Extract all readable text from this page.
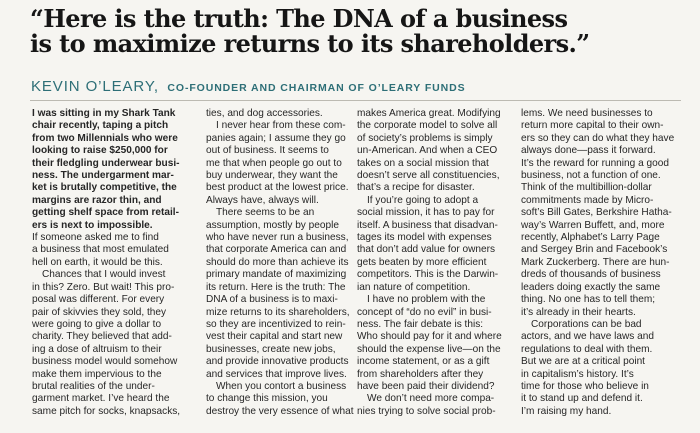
“Here is the truth: The DNA of a business
is to maximize returns to its shareholders.”
KEVIN O’LEARY, CO-FOUNDER AND CHAIRMAN OF O’LEARY FUNDS
I was sitting in my Shark Tank
chair recently, taping a pitch
from two Millennials who were
looking to raise $250,000 for
their fledgling underwear busi-
ness. The undergarment mar-
ket is brutally competitive, the
margins are razor thin, and
getting shelf space from retail-
ers is next to impossible.
If someone asked me to find
a business that most emulated
hell on earth, it would be this.
Chances that I would invest
in this? Zero. But wait! This pro-
posal was different. For every
pair of skivvies they sold, they
were going to give a dollar to
charity. They believed that add-
ing a dose of altruism to their
business model would somehow
make them impervious to the
brutal realities of the under-
garment market. I’ve heard the
same pitch for socks, knapsacks,
ties, and dog accessories.
I never hear from these com-
panies again; I assume they go
out of business. It seems to
me that when people go out to
buy underwear, they want the
best product at the lowest price.
Always have, always will.
There seems to be an
assumption, mostly by people
who have never run a business,
that corporate America can and
should do more than achieve its
primary mandate of maximizing
its return. Here is the truth: The
DNA of a business is to maxi-
mize returns to its shareholders,
so they are incentivized to rein-
vest their capital and start new
businesses, create new jobs,
and provide innovative products
and services that improve lives.
When you contort a business
to change this mission, you
destroy the very essence of what
makes America great. Modifying
the corporate model to solve all
of society’s problems is simply
un-American. And when a CEO
takes on a social mission that
doesn’t serve all constituencies,
that’s a recipe for disaster.
If you’re going to adopt a
social mission, it has to pay for
itself. A business that disadvan-
tages its model with expenses
that don’t add value for owners
gets beaten by more efficient
competitors. This is the Darwin-
ian nature of competition.
I have no problem with the
concept of “do no evil” in busi-
ness. The fair debate is this:
Who should pay for it and where
should the expense live—on the
income statement, or as a gift
from shareholders after they
have been paid their dividend?
We don’t need more compa-
nies trying to solve social prob-
lems. We need businesses to
return more capital to their own-
ers so they can do what they have
always done—pass it forward.
It’s the reward for running a good
business, not a function of one.
Think of the multibillion-dollar
commitments made by Micro-
soft’s Bill Gates, Berkshire Hatha-
way’s Warren Buffett, and, more
recently, Alphabet’s Larry Page
and Sergey Brin and Facebook’s
Mark Zuckerberg. There are hun-
dreds of thousands of business
leaders doing exactly the same
thing. No one has to tell them;
it’s already in their hearts.
Corporations can be bad
actors, and we have laws and
regulations to deal with them.
But we are at a critical point
in capitalism’s history. It’s
time for those who believe in
it to stand up and defend it.
I’m raising my hand.
